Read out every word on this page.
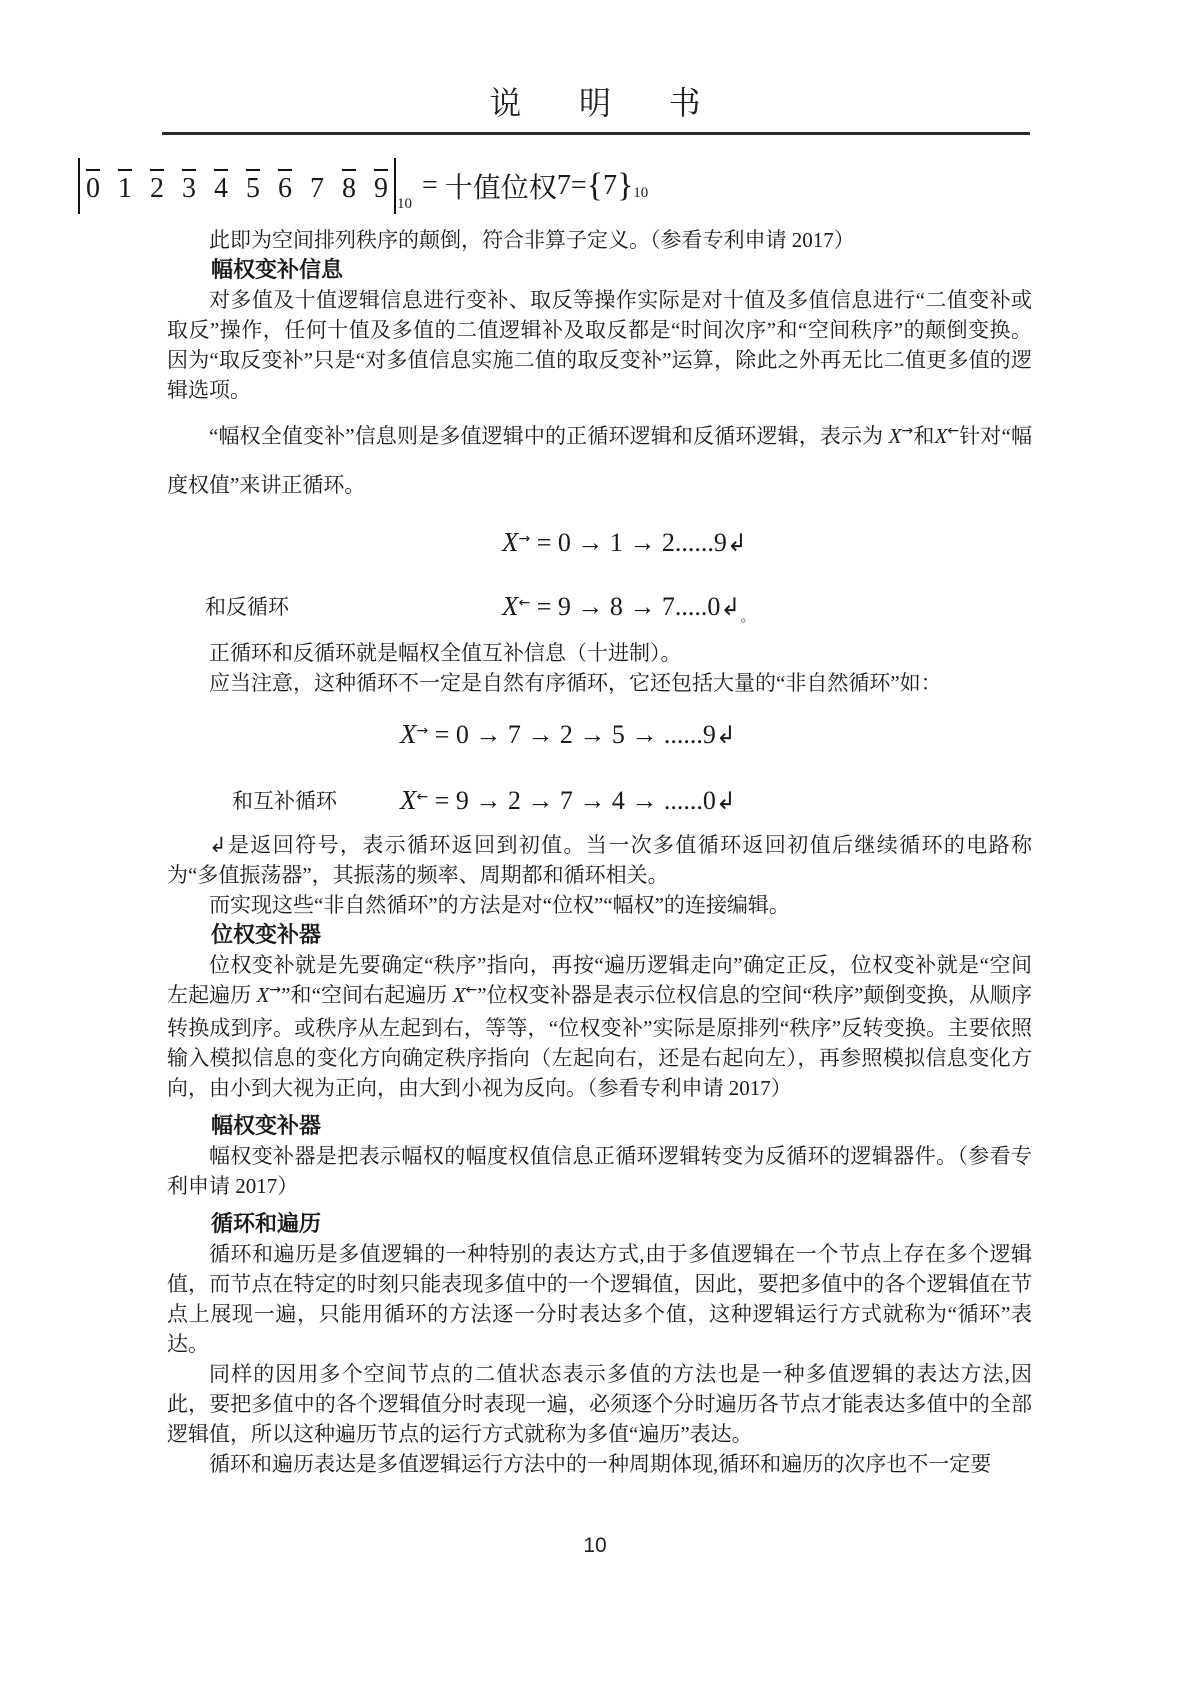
说明书
0 1 2 3 4 5 6 7 8 9 10
=
十值位权 7 = { 7 } 10

此即为空间排列秩序的颠倒，符合非算子定义。（参看专利申请 2017）

幅权变补信息

对多值及十值逻辑信息进行变补、取反等操作实际是对十值及多值信息进行“二值变补或取反”操作，任何十值及多值的二值逻辑补及取反都是“时间次序”和“空间秩序”的颠倒变换。因为“取反变补”只是“对多值信息实施二值的取反变补”运算，除此之外再无比二值更多值的逻辑选项。

“幅权全值变补”信息则是多值逻辑中的正循环逻辑和反循环逻辑，表示为 X→和X←针对“幅度权值”来讲正循环。

X→ = 0 → 1 → 2......9↲
和反循环	$X^\leftarrow = 9 \to 8 \to 7.....0↲_。$

正循环和反循环就是幅权全值互补信息（十进制）。

应当注意，这种循环不一定是自然有序循环，它还包括大量的“非自然循环”如：

X→ = 0 → 7 → 2 → 5 → ......9↲
和互补循环 X← = 9 → 2 → 7 → 4 → ......0↲

↲是返回符号，表示循环返回到初值。当一次多值循环返回初值后继续循环的电路称为“多值振荡器”，其振荡的频率、周期都和循环相关。

而实现这些“非自然循环”的方法是对“位权”“幅权”的连接编辑。

位权变补器

位权变补就是先要确定“秩序”指向，再按“遍历逻辑走向”确定正反，位权变补就是“空间左起遍历 X→”和“空间右起遍历 X←”位权变补器是表示位权信息的空间“秩序”颠倒变换，从顺序转换成到序。或秩序从左起到右，等等，“位权变补”实际是原排列“秩序”反转变换。主要依照输入模拟信息的变化方向确定秩序指向（左起向右，还是右起向左），再参照模拟信息变化方向，由小到大视为正向，由大到小视为反向。（参看专利申请 2017）

幅权变补器

幅权变补器是把表示幅权的幅度权值信息正循环逻辑转变为反循环的逻辑器件。（参看专利申请 2017）

循环和遍历

循环和遍历是多值逻辑的一种特别的表达方式,由于多值逻辑在一个节点上存在多个逻辑值，而节点在特定的时刻只能表现多值中的一个逻辑值，因此，要把多值中的各个逻辑值在节点上展现一遍，只能用循环的方法逐一分时表达多个值，这种逻辑运行方式就称为“循环”表达。

同样的因用多个空间节点的二值状态表示多值的方法也是一种多值逻辑的表达方法,因此，要把多值中的各个逻辑值分时表现一遍，必须逐个分时遍历各节点才能表达多值中的全部逻辑值，所以这种遍历节点的运行方式就称为多值“遍历”表达。

循环和遍历表达是多值逻辑运行方法中的一种周期体现,循环和遍历的次序也不一定要

10
